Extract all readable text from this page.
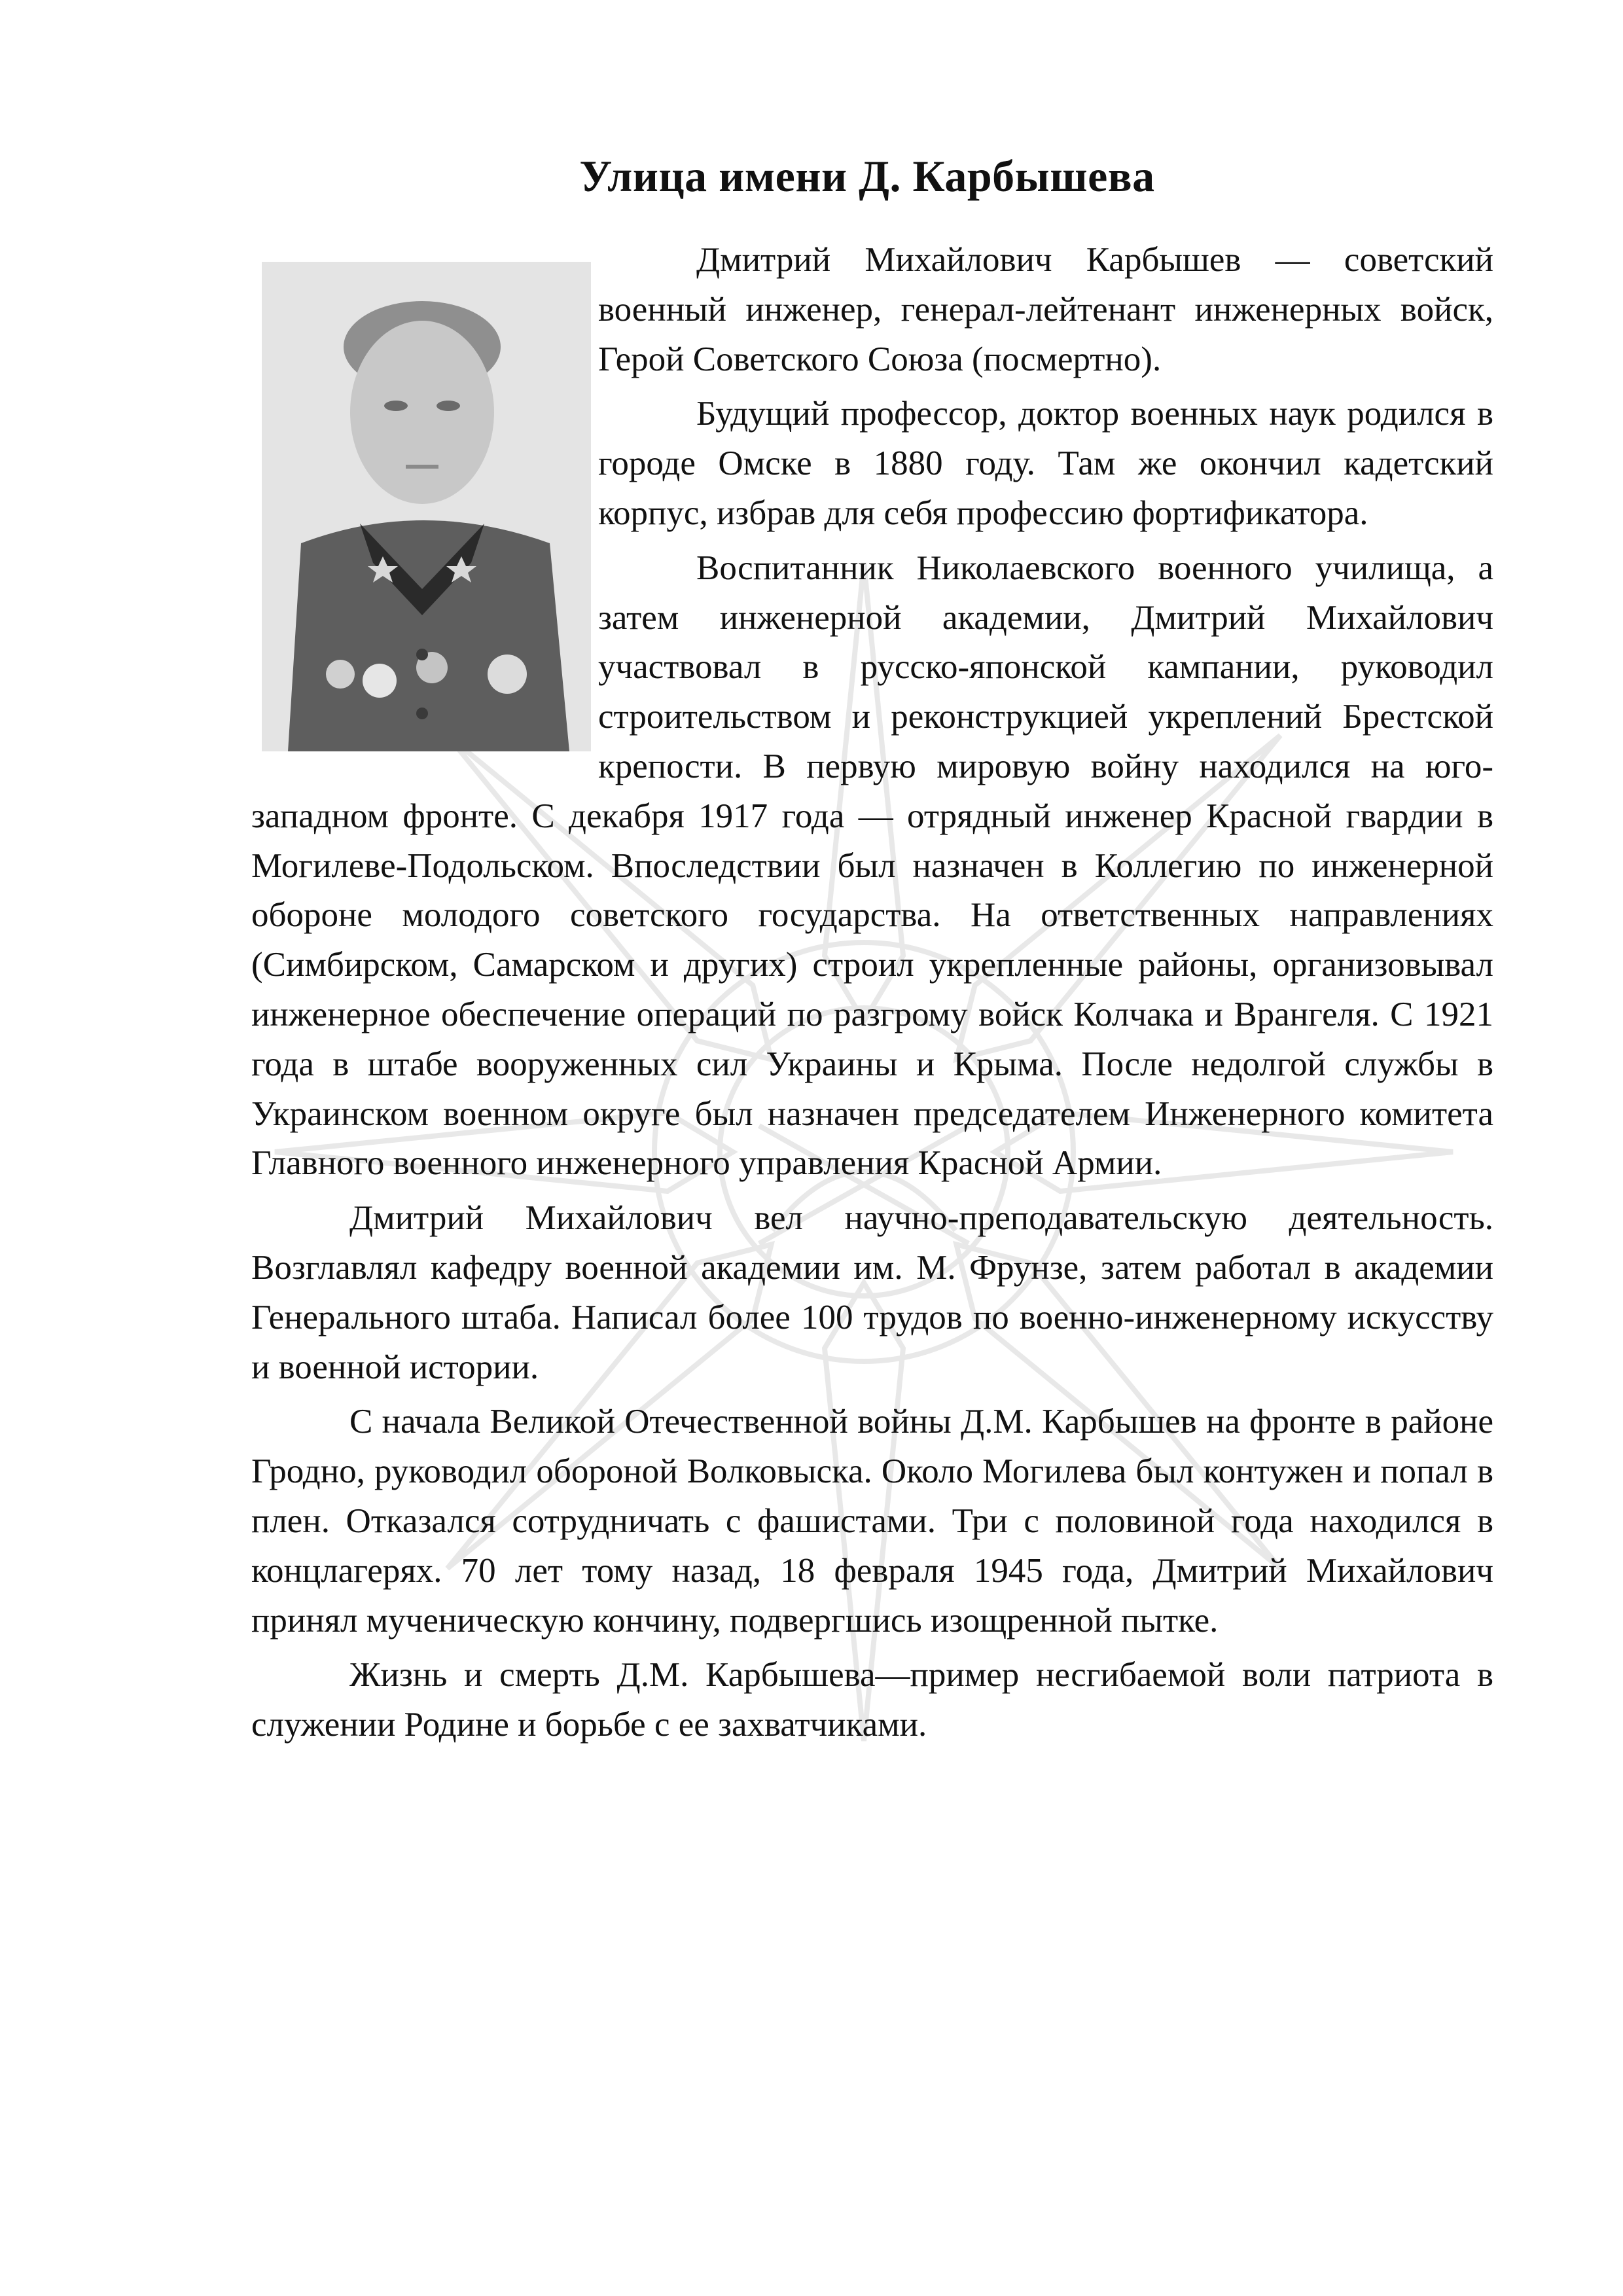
Улица имени Д. Карбышева

Дмитрий Михайлович Карбышев — советский военный инженер, генерал-лейтенант инженерных войск, Герой Советского Союза (посмертно).

Будущий профессор, доктор военных наук родился в городе Омске в 1880 году. Там же окончил кадетский корпус, избрав для себя профессию фортификатора.

Воспитанник Николаевского военного училища, а затем инженерной академии, Дмитрий Михайлович участвовал в русско-японской кампании, руководил строительством и реконструкцией укреплений Брестской крепости. В первую мировую войну находился на юго-западном фронте. С декабря 1917 года — отрядный инженер Красной гвардии в Могилеве-Подольском. Впоследствии был назначен в Коллегию по инженерной обороне молодого советского государства. На ответственных направлениях (Симбирском, Самарском и других) строил укрепленные районы, организовывал инженерное обеспечение операций по разгрому войск Колчака и Врангеля. С 1921 года в штабе вооруженных сил Украины и Крыма. После недолгой службы в Украинском военном округе был назначен председателем Инженерного комитета Главного военного инженерного управления Красной Армии.

Дмитрий Михайлович вел научно-преподавательскую деятельность. Возглавлял кафедру военной академии им. М. Фрунзе, затем работал в академии Генерального штаба. Написал более 100 трудов по военно-инженерному искусству и военной истории.

С начала Великой Отечественной войны Д.М. Карбышев на фронте в районе Гродно, руководил обороной Волковыска. Около Могилева был контужен и попал в плен. Отказался сотрудничать с фашистами. Три с половиной года находился в концлагерях. 70 лет тому назад, 18 февраля 1945 года, Дмитрий Михайлович принял мученическую кончину, подвергшись изощренной пытке.

Жизнь и смерть Д.М. Карбышева—пример несгибаемой воли патриота в служении Родине и борьбе с ее захватчиками.
